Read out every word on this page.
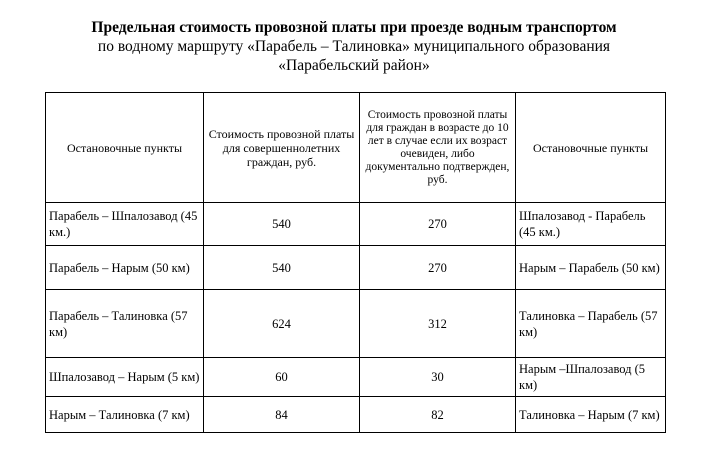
Предельная стоимость провозной платы при проезде водным транспортом
по водному маршруту «Парабель – Талиновка» муниципального образования
«Парабельский район»
Остановочные пункты	Стоимость провозной платы для совершеннолетних граждан, руб.	Стоимость провозной платы для граждан в возрасте до 10 лет в случае если их возраст очевиден, либо документально подтвержден, руб.	Остановочные пункты
Парабель – Шпалозавод (45 км.)	540	270	Шпалозавод - Парабель (45 км.)
Парабель – Нарым (50 км)	540	270	Нарым – Парабель (50 км)
Парабель – Талиновка (57 км)	624	312	Талиновка – Парабель (57 км)
Шпалозавод – Нарым (5 км)	60	30	Нарым –Шпалозавод (5 км)
Нарым – Талиновка (7 км)	84	82	Талиновка – Нарым (7 км)
